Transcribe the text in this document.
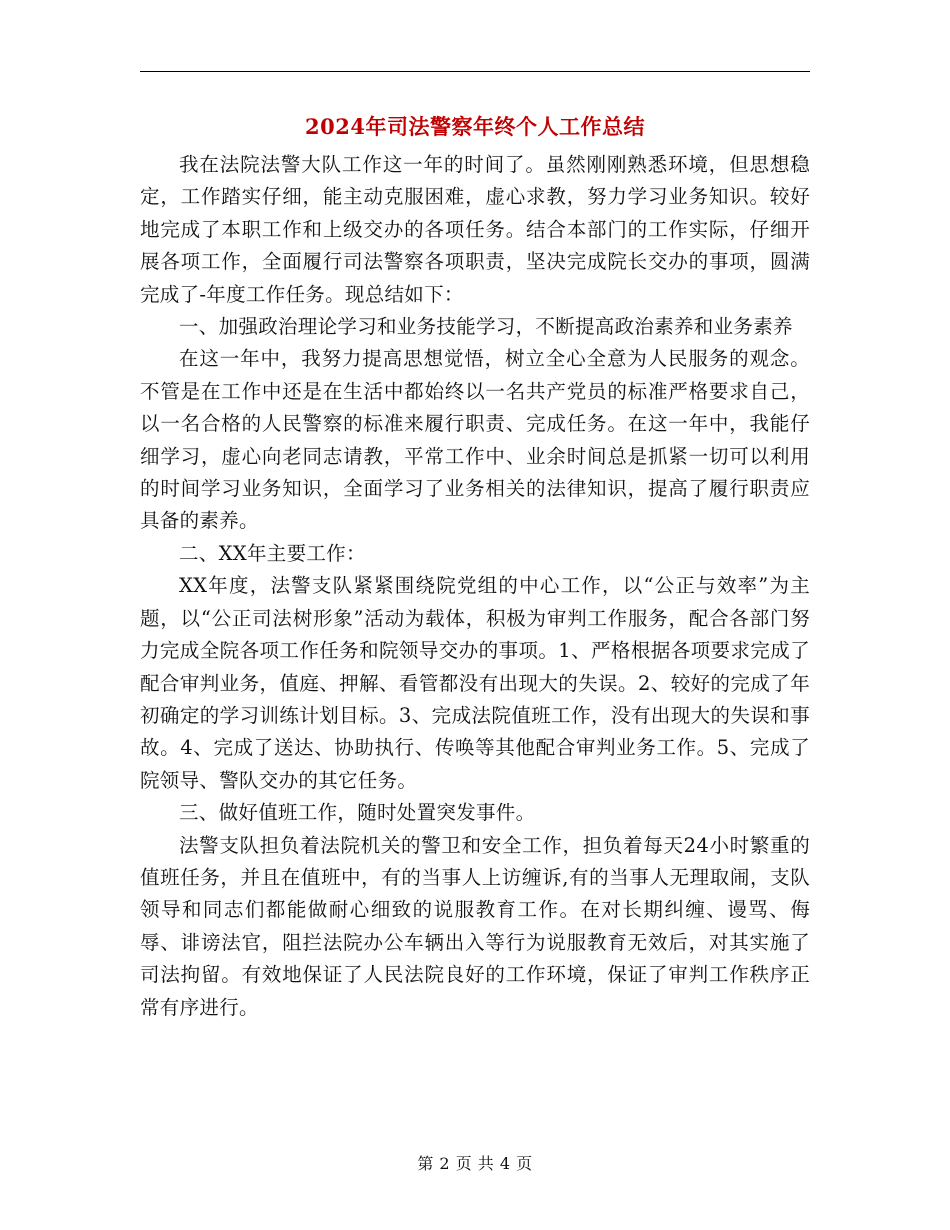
2024年司法警察年终个人工作总结

我在法院法警大队工作这一年的时间了。虽然刚刚熟悉环境，但思想稳定，工作踏实仔细，能主动克服困难，虚心求教，努力学习业务知识。较好地完成了本职工作和上级交办的各项任务。结合本部门的工作实际，仔细开展各项工作，全面履行司法警察各项职责，坚决完成院长交办的事项，圆满完成了-年度工作任务。现总结如下：

一、加强政治理论学习和业务技能学习，不断提高政治素养和业务素养

在这一年中，我努力提高思想觉悟，树立全心全意为人民服务的观念。不管是在工作中还是在生活中都始终以一名共产党员的标准严格要求自己，以一名合格的人民警察的标准来履行职责、完成任务。在这一年中，我能仔细学习，虚心向老同志请教，平常工作中、业余时间总是抓紧一切可以利用的时间学习业务知识，全面学习了业务相关的法律知识，提高了履行职责应具备的素养。

二、XX年主要工作：

XX年度，法警支队紧紧围绕院党组的中心工作，以“公正与效率”为主题，以“公正司法树形象”活动为载体，积极为审判工作服务，配合各部门努力完成全院各项工作任务和院领导交办的事项。1、严格根据各项要求完成了配合审判业务，值庭、押解、看管都没有出现大的失误。2、较好的完成了年初确定的学习训练计划目标。3、完成法院值班工作，没有出现大的失误和事故。4、完成了送达、协助执行、传唤等其他配合审判业务工作。5、完成了院领导、警队交办的其它任务。

三、做好值班工作，随时处置突发事件。

法警支队担负着法院机关的警卫和安全工作，担负着每天24小时繁重的值班任务，并且在值班中，有的当事人上访缠诉,有的当事人无理取闹，支队领导和同志们都能做耐心细致的说服教育工作。在对长期纠缠、谩骂、侮辱、诽谤法官，阻拦法院办公车辆出入等行为说服教育无效后，对其实施了司法拘留。有效地保证了人民法院良好的工作环境，保证了审判工作秩序正常有序进行。

第 2 页 共 4 页
